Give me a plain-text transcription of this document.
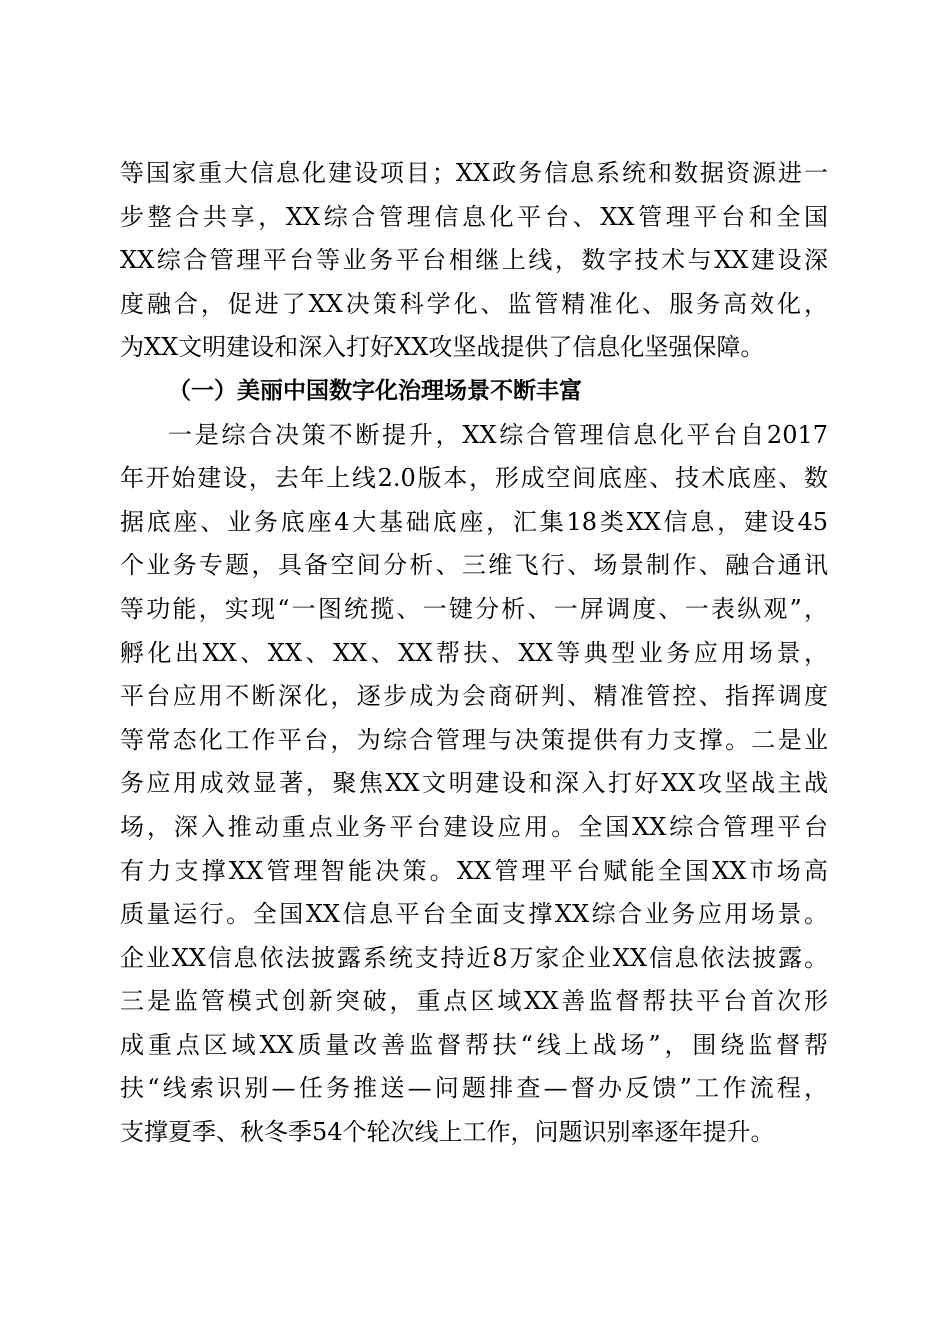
等国家重大信息化建设项目；XX政务信息系统和数据资源进一
步整合共享，XX综合管理信息化平台、XX管理平台和全国
XX综合管理平台等业务平台相继上线，数字技术与XX建设深
度融合，促进了XX决策科学化、监管精准化、服务高效化，
为XX文明建设和深入打好XX攻坚战提供了信息化坚强保障。
（一）美丽中国数字化治理场景不断丰富
一是综合决策不断提升，XX综合管理信息化平台自2017
年开始建设，去年上线2.0版本，形成空间底座、技术底座、数
据底座、业务底座4大基础底座，汇集18类XX信息，建设45
个业务专题，具备空间分析、三维飞行、场景制作、融合通讯
等功能，实现“一图统揽、一键分析、一屏调度、一表纵观”，
孵化出XX、XX、XX、XX帮扶、XX等典型业务应用场景，
平台应用不断深化，逐步成为会商研判、精准管控、指挥调度
等常态化工作平台，为综合管理与决策提供有力支撑。二是业
务应用成效显著，聚焦XX文明建设和深入打好XX攻坚战主战
场，深入推动重点业务平台建设应用。全国XX综合管理平台
有力支撑XX管理智能决策。XX管理平台赋能全国XX市场高
质量运行。全国XX信息平台全面支撑XX综合业务应用场景。
企业XX信息依法披露系统支持近8万家企业XX信息依法披露。
三是监管模式创新突破，重点区域XX善监督帮扶平台首次形
成重点区域XX质量改善监督帮扶“线上战场”，围绕监督帮
扶“线索识别—任务推送—问题排查—督办反馈”工作流程，
支撑夏季、秋冬季54个轮次线上工作，问题识别率逐年提升。
